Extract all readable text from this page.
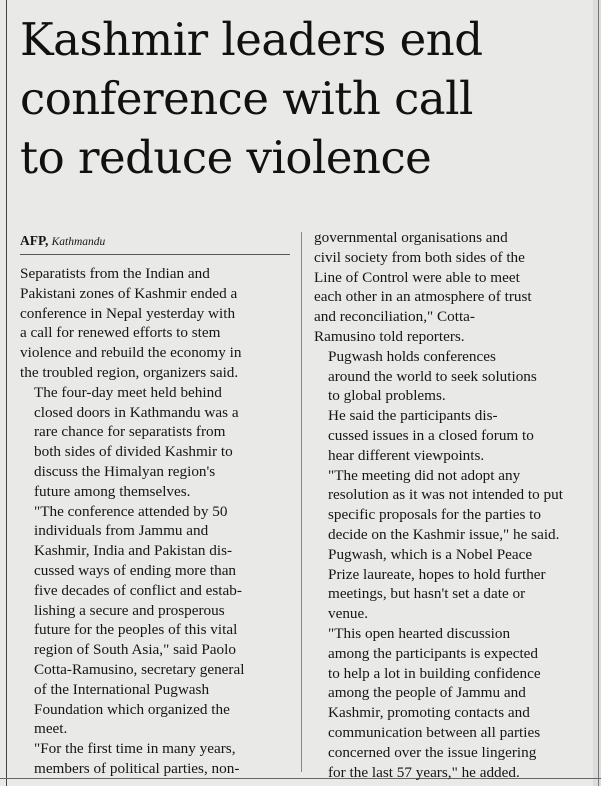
Kashmir leaders end
conference with call
to reduce violence
AFP, Kathmandu

Separatists from the Indian and
Pakistani zones of Kashmir ended a
conference in Nepal yesterday with
a call for renewed efforts to stem
violence and rebuild the economy in
the troubled region, organizers said.

The four-day meet held behind
closed doors in Kathmandu was a
rare chance for separatists from
both sides of divided Kashmir to
discuss the Himalyan region's
future among themselves.

"The conference attended by 50
individuals from Jammu and
Kashmir, India and Pakistan dis-
cussed ways of ending more than
five decades of conflict and estab-
lishing a secure and prosperous
future for the peoples of this vital
region of South Asia," said Paolo
Cotta-Ramusino, secretary general
of the International Pugwash
Foundation which organized the
meet.

"For the first time in many years,
members of political parties, non-

governmental organisations and
civil society from both sides of the
Line of Control were able to meet
each other in an atmosphere of trust
and reconciliation," Cotta-
Ramusino told reporters.

Pugwash holds conferences
around the world to seek solutions
to global problems.

He said the participants dis-
cussed issues in a closed forum to
hear different viewpoints.

"The meeting did not adopt any
resolution as it was not intended to put
specific proposals for the parties to
decide on the Kashmir issue," he said.

Pugwash, which is a Nobel Peace
Prize laureate, hopes to hold further
meetings, but hasn't set a date or
venue.

"This open hearted discussion
among the participants is expected
to help a lot in building confidence
among the people of Jammu and
Kashmir, promoting contacts and
communication between all parties
concerned over the issue lingering
for the last 57 years," he added.
